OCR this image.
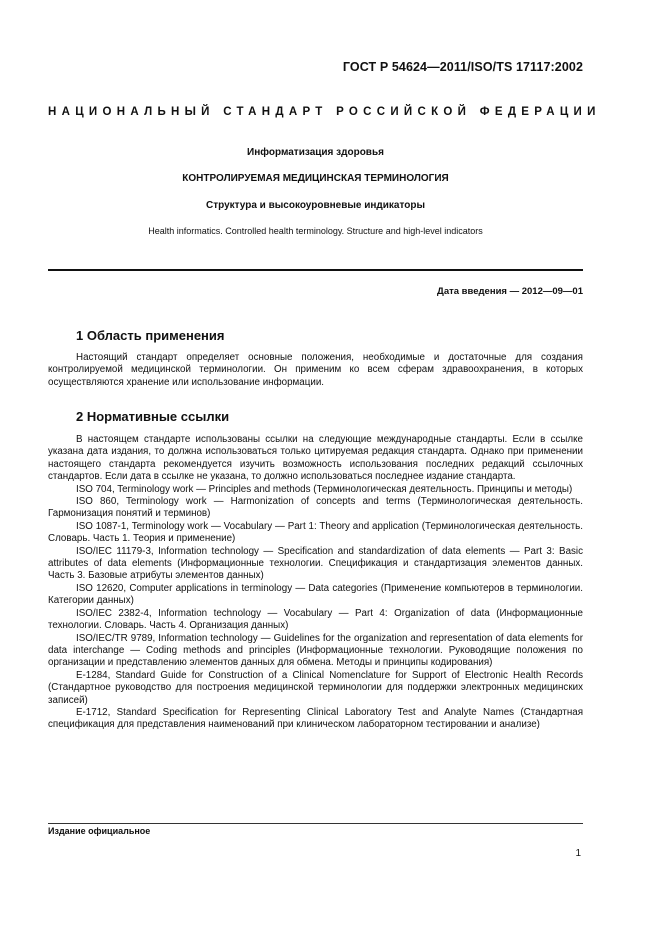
ГОСТ Р 54624—2011/ISO/TS 17117:2002
НАЦИОНАЛЬНЫЙ СТАНДАРТ РОССИЙСКОЙ ФЕДЕРАЦИИ
Информатизация здоровья
КОНТРОЛИРУЕМАЯ МЕДИЦИНСКАЯ ТЕРМИНОЛОГИЯ
Структура и высокоуровневые индикаторы
Health informatics. Controlled health terminology. Structure and high-level indicators
Дата введения — 2012—09—01
1 Область применения

Настоящий стандарт определяет основные положения, необходимые и достаточные для создания контролируемой медицинской терминологии. Он применим ко всем сферам здравоохранения, в которых осуществляются хранение или использование информации.

2 Нормативные ссылки

В настоящем стандарте использованы ссылки на следующие международные стандарты. Если в ссылке указана дата издания, то должна использоваться только цитируемая редакция стандарта. Однако при применении настоящего стандарта рекомендуется изучить возможность использования последних редакций ссылочных стандартов. Если дата в ссылке не указана, то должно использоваться последнее издание стандарта.

ISO 704, Terminology work — Principles and methods (Терминологическая деятельность. Принципы и методы)

ISO 860, Terminology work — Harmonization of concepts and terms (Терминологическая деятельность. Гармонизация понятий и терминов)

ISO 1087-1, Terminology work — Vocabulary — Part 1: Theory and application (Терминологическая деятельность. Словарь. Часть 1. Теория и применение)

ISO/IEC 11179-3, Information technology — Specification and standardization of data elements — Part 3: Basic attributes of data elements (Информационные технологии. Спецификация и стандартизация элементов данных. Часть 3. Базовые атрибуты элементов данных)

ISO 12620, Computer applications in terminology — Data categories (Применение компьютеров в терминологии. Категории данных)

ISO/IEC 2382-4, Information technology — Vocabulary — Part 4: Organization of data (Информационные технологии. Словарь. Часть 4. Организация данных)

ISO/IEC/TR 9789, Information technology — Guidelines for the organization and representation of data elements for data interchange — Coding methods and principles (Информационные технологии. Руководящие положения по организации и представлению элементов данных для обмена. Методы и принципы кодирования)

E-1284, Standard Guide for Construction of a Clinical Nomenclature for Support of Electronic Health Records (Стандартное руководство для построения медицинской терминологии для поддержки электронных медицинских записей)

E-1712, Standard Specification for Representing Clinical Laboratory Test and Analyte Names (Стандартная спецификация для представления наименований при клиническом лабораторном тестировании и анализе)

Издание официальное
1
